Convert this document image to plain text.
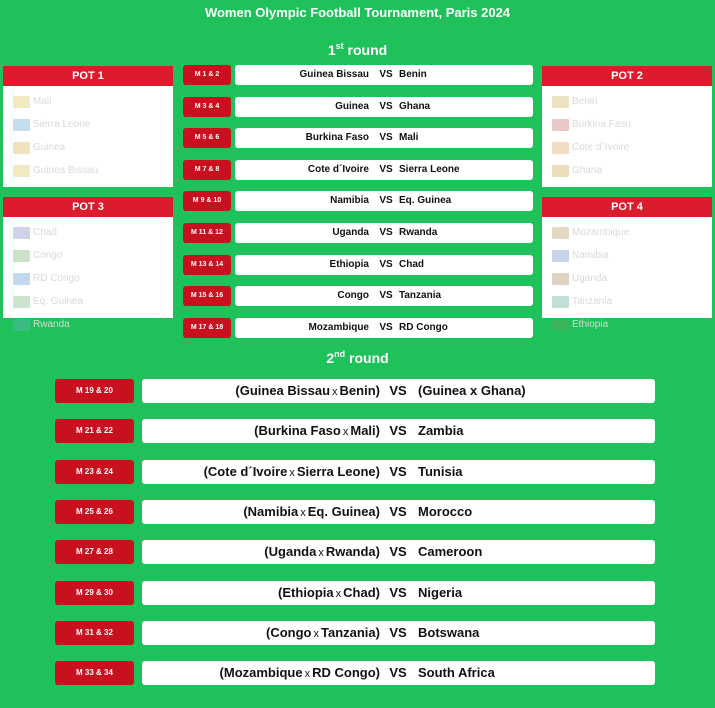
Women Olympic Football Tournament, Paris 2024
1st round
2nd round
POT 1
Mali
Sierra Leone
Guinea
Guinea Bissau
POT 2
Benin
Burkina Faso
Cote d´Ivoire
Ghana
POT 3
Chad
Congo
RD Congo
Eq. Guinea
Rwanda
POT 4
Mozambique
Namibia
Uganda
Tanzania
Ethiopia
M 1 & 2	Guinea Bissau VS Benin
M 3 & 4	Guinea VS Ghana
M 5 & 6	Burkina Faso VS Mali
M 7 & 8	Cote d´Ivoire VS Sierra Leone
M 9 & 10	Namibia VS Eq. Guinea
M 11 & 12	Uganda VS Rwanda
M 13 & 14	Ethiopia VS Chad
M 15 & 16	Congo VS Tanzania
M 17 & 18	Mozambique VS RD Congo
M 19 & 20	(Guinea Bissau x Benin) VS (Guinea x Ghana)
M 21 & 22	(Burkina Faso x Mali) VS Zambia
M 23 & 24	(Cote d´Ivoire x Sierra Leone) VS Tunisia
M 25 & 26	(Namibia x Eq. Guinea) VS Morocco
M 27 & 28	(Uganda x Rwanda) VS Cameroon
M 29 & 30	(Ethiopia x Chad) VS Nigeria
M 31 & 32	(Congo x Tanzania) VS Botswana
M 33 & 34	(Mozambique x RD Congo) VS South Africa
